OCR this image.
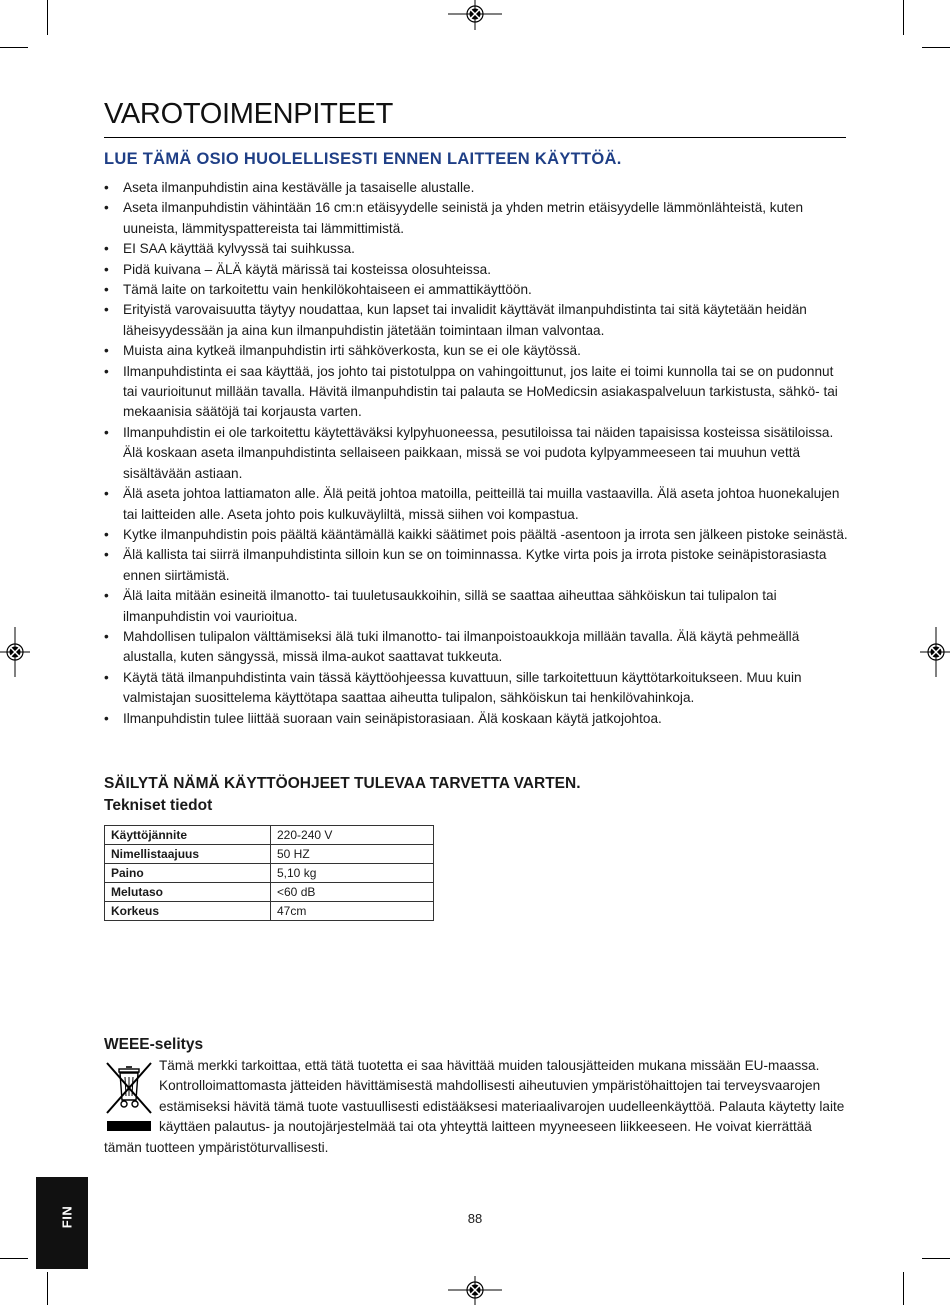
VAROTOIMENPITEET
LUE TÄMÄ OSIO HUOLELLISESTI ENNEN LAITTEEN KÄYTTÖÄ.
• Aseta ilmanpuhdistin aina kestävälle ja tasaiselle alustalle.
• Aseta ilmanpuhdistin vähintään 16 cm:n etäisyydelle seinistä ja yhden metrin etäisyydelle lämmönlähteistä, kuten uuneista, lämmityspattereista tai lämmittimistä.
• EI SAA käyttää kylvyssä tai suihkussa.
• Pidä kuivana – ÄLÄ käytä märissä tai kosteissa olosuhteissa.
• Tämä laite on tarkoitettu vain henkilökohtaiseen ei ammattikäyttöön.
• Erityistä varovaisuutta täytyy noudattaa, kun lapset tai invalidit käyttävät ilmanpuhdistinta tai sitä käytetään heidän läheisyydessään ja aina kun ilmanpuhdistin jätetään toimintaan ilman valvontaa.
• Muista aina kytkeä ilmanpuhdistin irti sähköverkosta, kun se ei ole käytössä.
• Ilmanpuhdistinta ei saa käyttää, jos johto tai pistotulppa on vahingoittunut, jos laite ei toimi kunnolla tai se on pudonnut tai vaurioitunut millään tavalla. Hävitä ilmanpuhdistin tai palauta se HoMedicsin asiakaspalveluun tarkistusta, sähkö- tai mekaanisia säätöjä tai korjausta varten.
• Ilmanpuhdistin ei ole tarkoitettu käytettäväksi kylpyhuoneessa, pesutiloissa tai näiden tapaisissa kosteissa sisätiloissa. Älä koskaan aseta ilmanpuhdistinta sellaiseen paikkaan, missä se voi pudota kylpyammeeseen tai muuhun vettä sisältävään astiaan.
• Älä aseta johtoa lattiamaton alle. Älä peitä johtoa matoilla, peitteillä tai muilla vastaavilla. Älä aseta johtoa huonekalujen tai laitteiden alle. Aseta johto pois kulkuväyliltä, missä siihen voi kompastua.
• Kytke ilmanpuhdistin pois päältä kääntämällä kaikki säätimet pois päältä -asentoon ja irrota sen jälkeen pistoke seinästä.
• Älä kallista tai siirrä ilmanpuhdistinta silloin kun se on toiminnassa. Kytke virta pois ja irrota pistoke seinäpistorasiasta ennen siirtämistä.
• Älä laita mitään esineitä ilmanotto- tai tuuletusaukkoihin, sillä se saattaa aiheuttaa sähköiskun tai tulipalon tai ilmanpuhdistin voi vaurioitua.
• Mahdollisen tulipalon välttämiseksi älä tuki ilmanotto- tai ilmanpoistoaukkoja millään tavalla. Älä käytä pehmeällä alustalla, kuten sängyssä, missä ilma-aukot saattavat tukkeuta.
• Käytä tätä ilmanpuhdistinta vain tässä käyttöohjeessa kuvattuun, sille tarkoitettuun käyttötarkoitukseen. Muu kuin valmistajan suosittelema käyttötapa saattaa aiheutta tulipalon, sähköiskun tai henkilövahinkoja.
• Ilmanpuhdistin tulee liittää suoraan vain seinäpistorasiaan. Älä koskaan käytä jatkojohtoa.
SÄILYTÄ NÄMÄ KÄYTTÖOHJEET TULEVAA TARVETTA VARTEN.
Tekniset tiedot
Käyttöjännite	220-240 V
Nimellistaajuus	50 HZ
Paino	5,10 kg
Melutaso	<60 dB
Korkeus	47cm
WEEE-selitys

Tämä merkki tarkoittaa, että tätä tuotetta ei saa hävittää muiden talousjätteiden mukana missään EU-maassa. Kontrolloimattomasta jätteiden hävittämisestä mahdollisesti aiheutuvien ympäristöhaittojen tai terveysvaarojen estämiseksi hävitä tämä tuote vastuullisesti edistääksesi materiaalivarojen uudelleenkäyttöä. Palauta käytetty laite käyttäen palautus- ja noutojärjestelmää tai ota yhteyttä laitteen myyneeseen liikkeeseen. He voivat kierrättää tämän tuotteen ympäristöturvallisesti.

FIN	88
